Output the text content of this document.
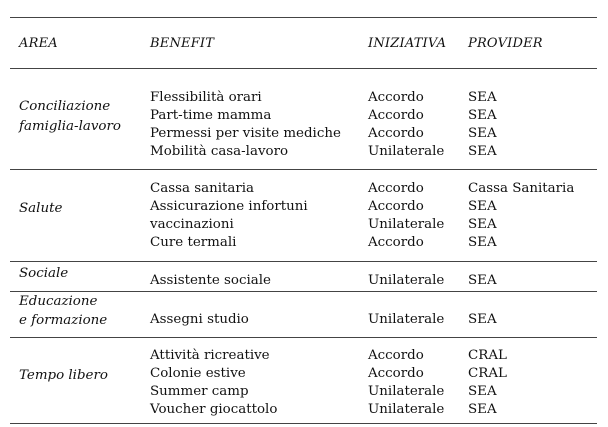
AREA	BENEFIT	INIZIATIVA PROVIDER
Conciliazione
famiglia-lavoro
Flessibilità orari	Accordo	SEA
Part-time mamma	Accordo	SEA
Permessi per visite mediche Accordo	SEA
Mobilità casa-lavoro	Unilaterale SEA
Salute
Cassa sanitaria	Accordo	Cassa Sanitaria
Assicurazione infortuni	Accordo	SEA
vaccinazioni	Unilaterale SEA
Cure termali	Accordo	SEA
Sociale	Assistente sociale	Unilaterale SEA
Educazione
e formazione	Assegni studio	Unilaterale SEA
Tempo libero
Attività ricreative	Accordo	CRAL
Colonie estive	Accordo	CRAL
Summer camp	Unilaterale SEA
Voucher giocattolo	Unilaterale SEA
